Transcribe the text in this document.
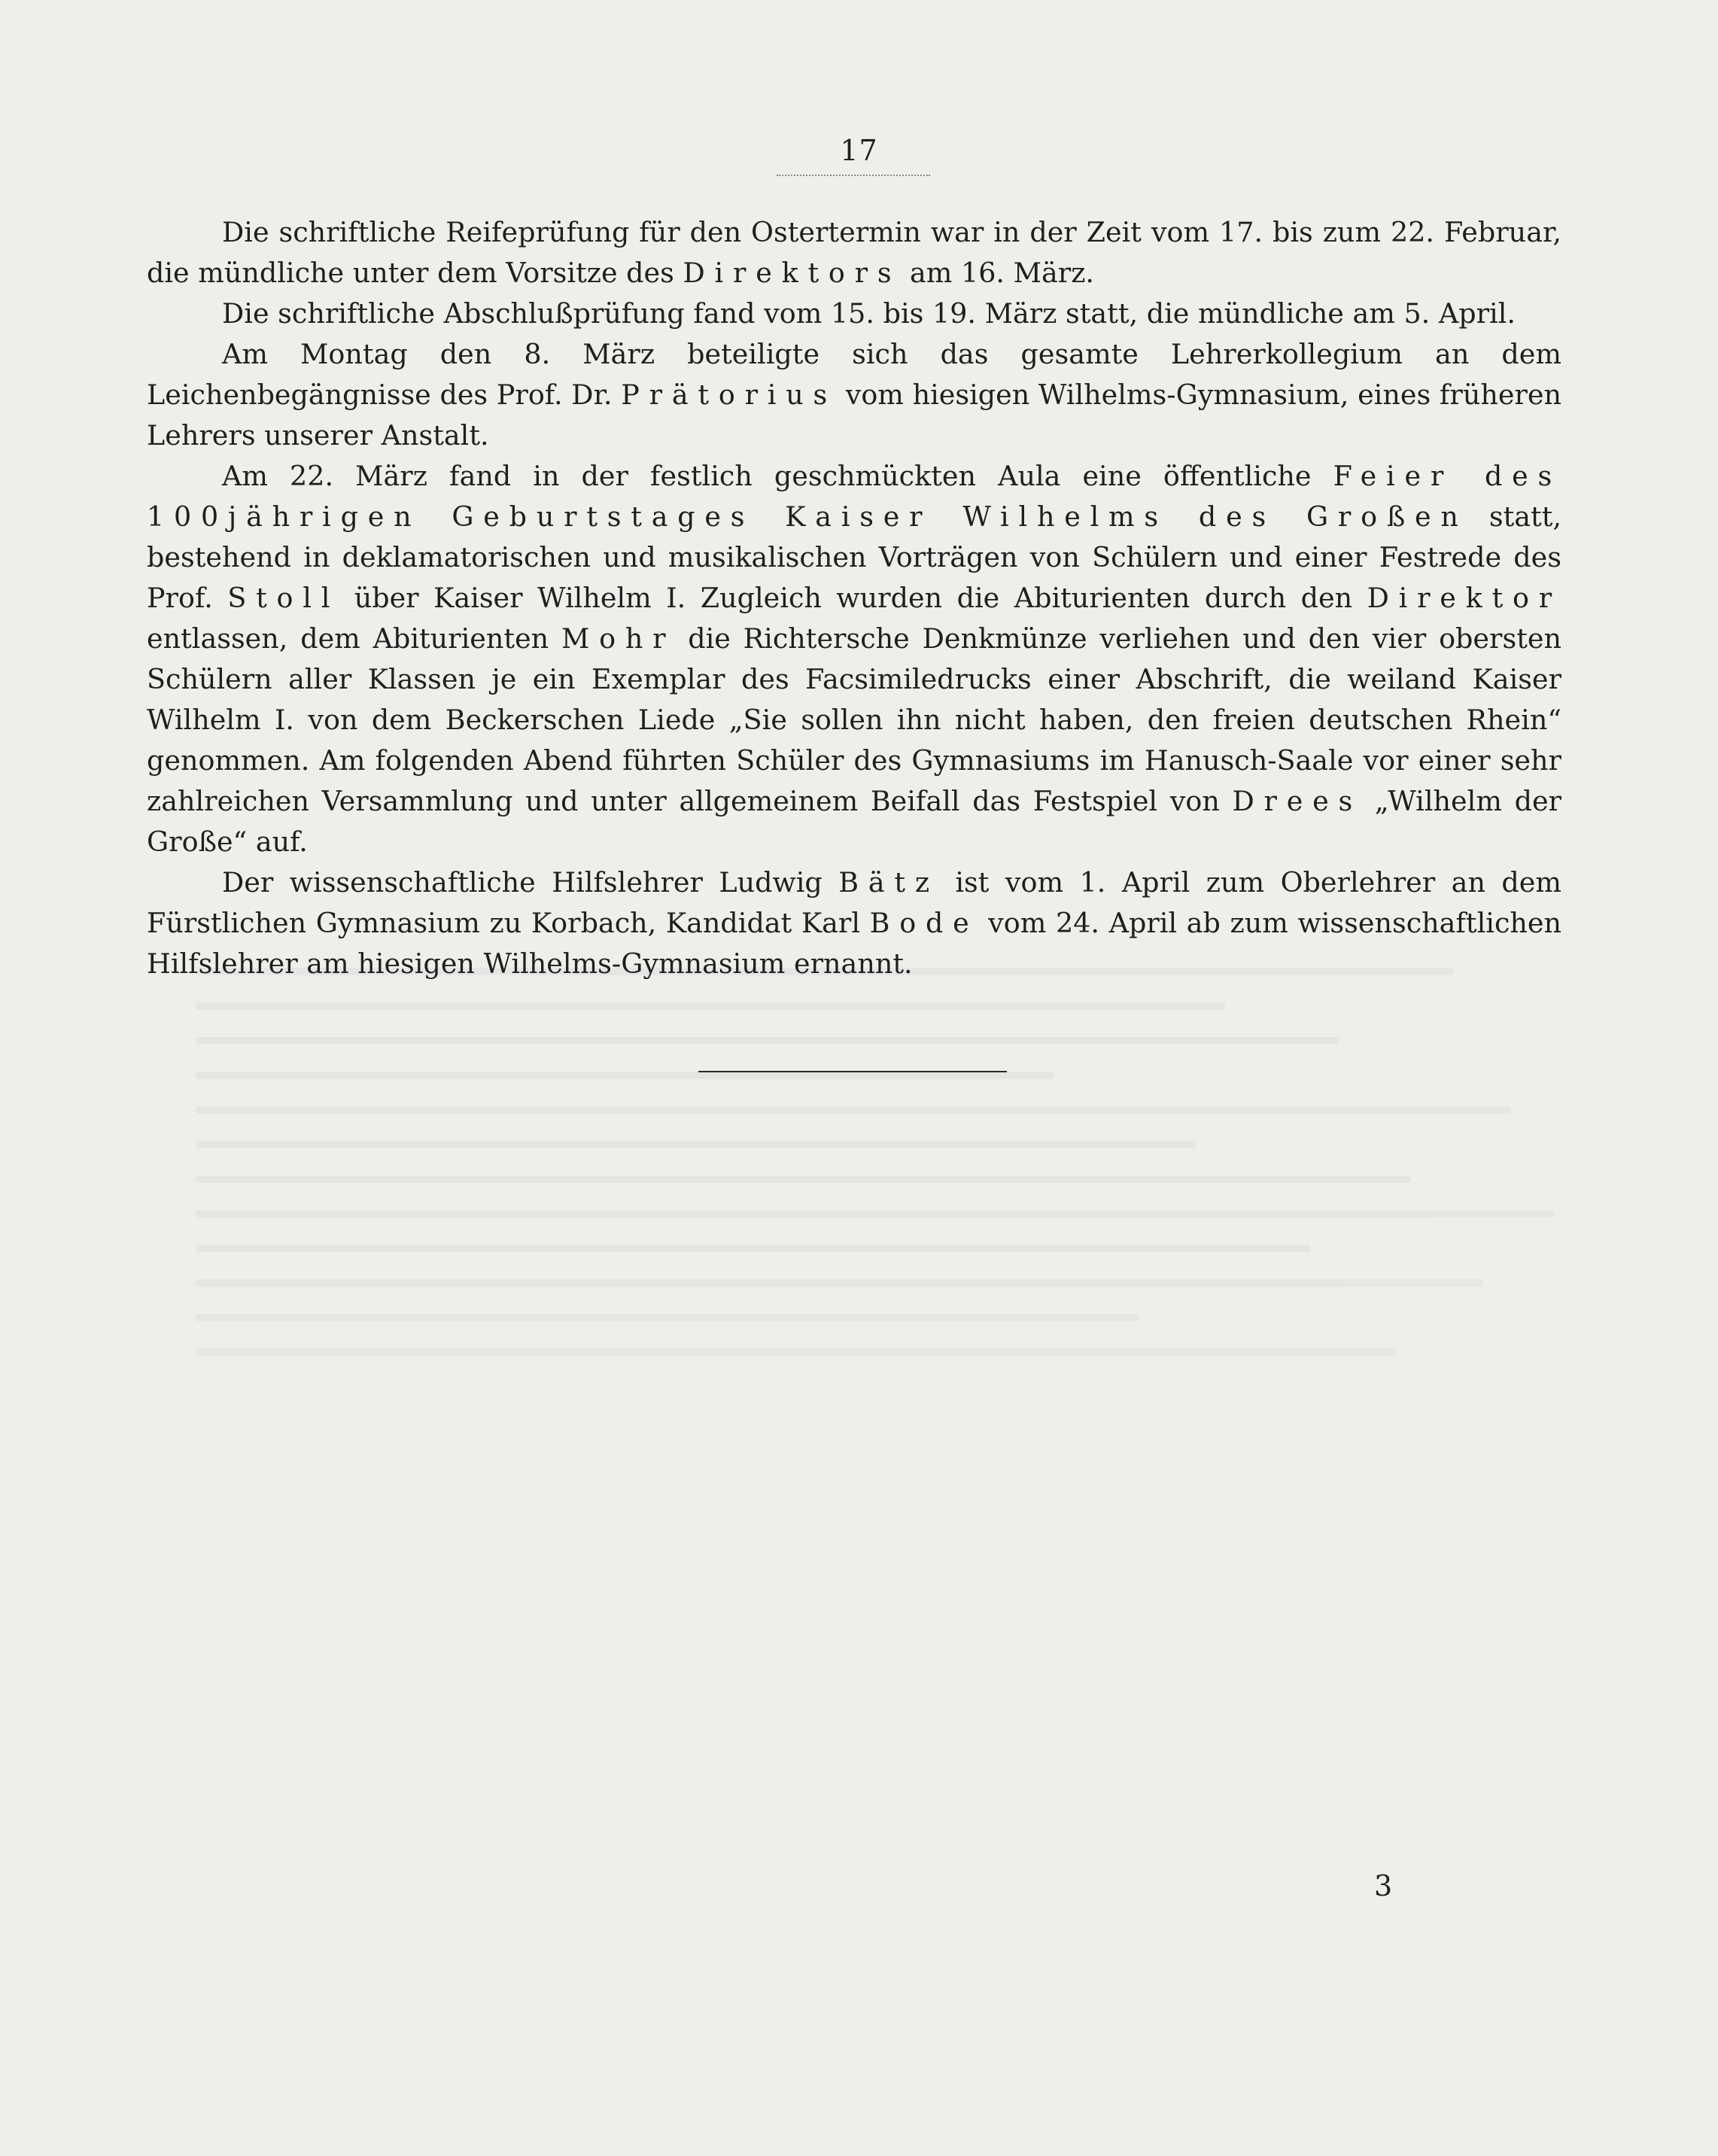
17

Die schriftliche Reifeprüfung für den Ostertermin war in der Zeit vom 17. bis zum 22. Februar, die mündliche unter dem Vorsitze des Direktors am 16. März.

Die schriftliche Abschlußprüfung fand vom 15. bis 19. März statt, die mündliche am 5. April.

Am Montag den 8. März beteiligte sich das gesamte Lehrerkollegium an dem Leichenbegängnisse des Prof. Dr. Prätorius vom hiesigen Wilhelms-Gymnasium, eines früheren Lehrers unserer Anstalt.

Am 22. März fand in der festlich geschmückten Aula eine öffentliche Feier des 100jährigen Geburtstages Kaiser Wilhelms des Großen statt, bestehend in deklamatorischen und musikalischen Vorträgen von Schülern und einer Festrede des Prof. Stoll über Kaiser Wilhelm I. Zugleich wurden die Abiturienten durch den Direktor entlassen, dem Abiturienten Mohr die Richtersche Denkmünze verliehen und den vier obersten Schülern aller Klassen je ein Exemplar des Facsimiledrucks einer Abschrift, die weiland Kaiser Wilhelm I. von dem Beckerschen Liede „Sie sollen ihn nicht haben, den freien deutschen Rhein“ genommen. Am folgenden Abend führten Schüler des Gymnasiums im Hanusch-Saale vor einer sehr zahlreichen Versammlung und unter allgemeinem Beifall das Festspiel von Drees „Wilhelm der Große“ auf.

Der wissenschaftliche Hilfslehrer Ludwig Bätz ist vom 1. April zum Oberlehrer an dem Fürstlichen Gymnasium zu Korbach, Kandidat Karl Bode vom 24. April ab zum wissenschaftlichen Hilfslehrer am hiesigen Wilhelms-Gymnasium ernannt.

3
